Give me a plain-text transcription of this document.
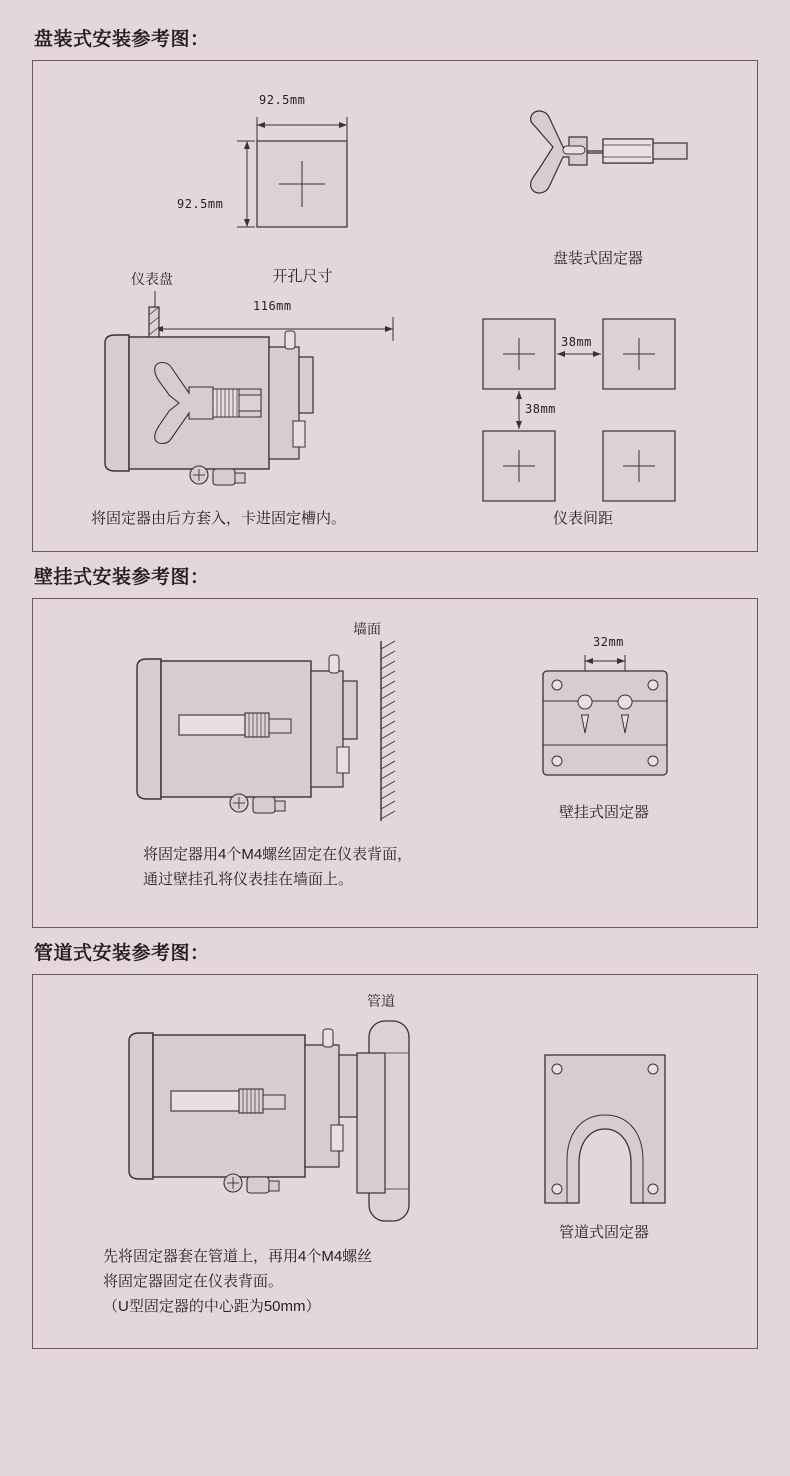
盘装式安装参考图：
92.5mm
92.5mm
开孔尺寸
盘装式固定器
仪表盘
116mm
将固定器由后方套入，卡进固定槽内。
38mm
38mm
仪表间距
壁挂式安装参考图：
墙面
将固定器用4个M4螺丝固定在仪表背面，
通过壁挂孔将仪表挂在墙面上。
32mm
壁挂式固定器
管道式安装参考图：
管道
先将固定器套在管道上，再用4个M4螺丝
将固定器固定在仪表背面。
（U型固定器的中心距为50mm）
管道式固定器
